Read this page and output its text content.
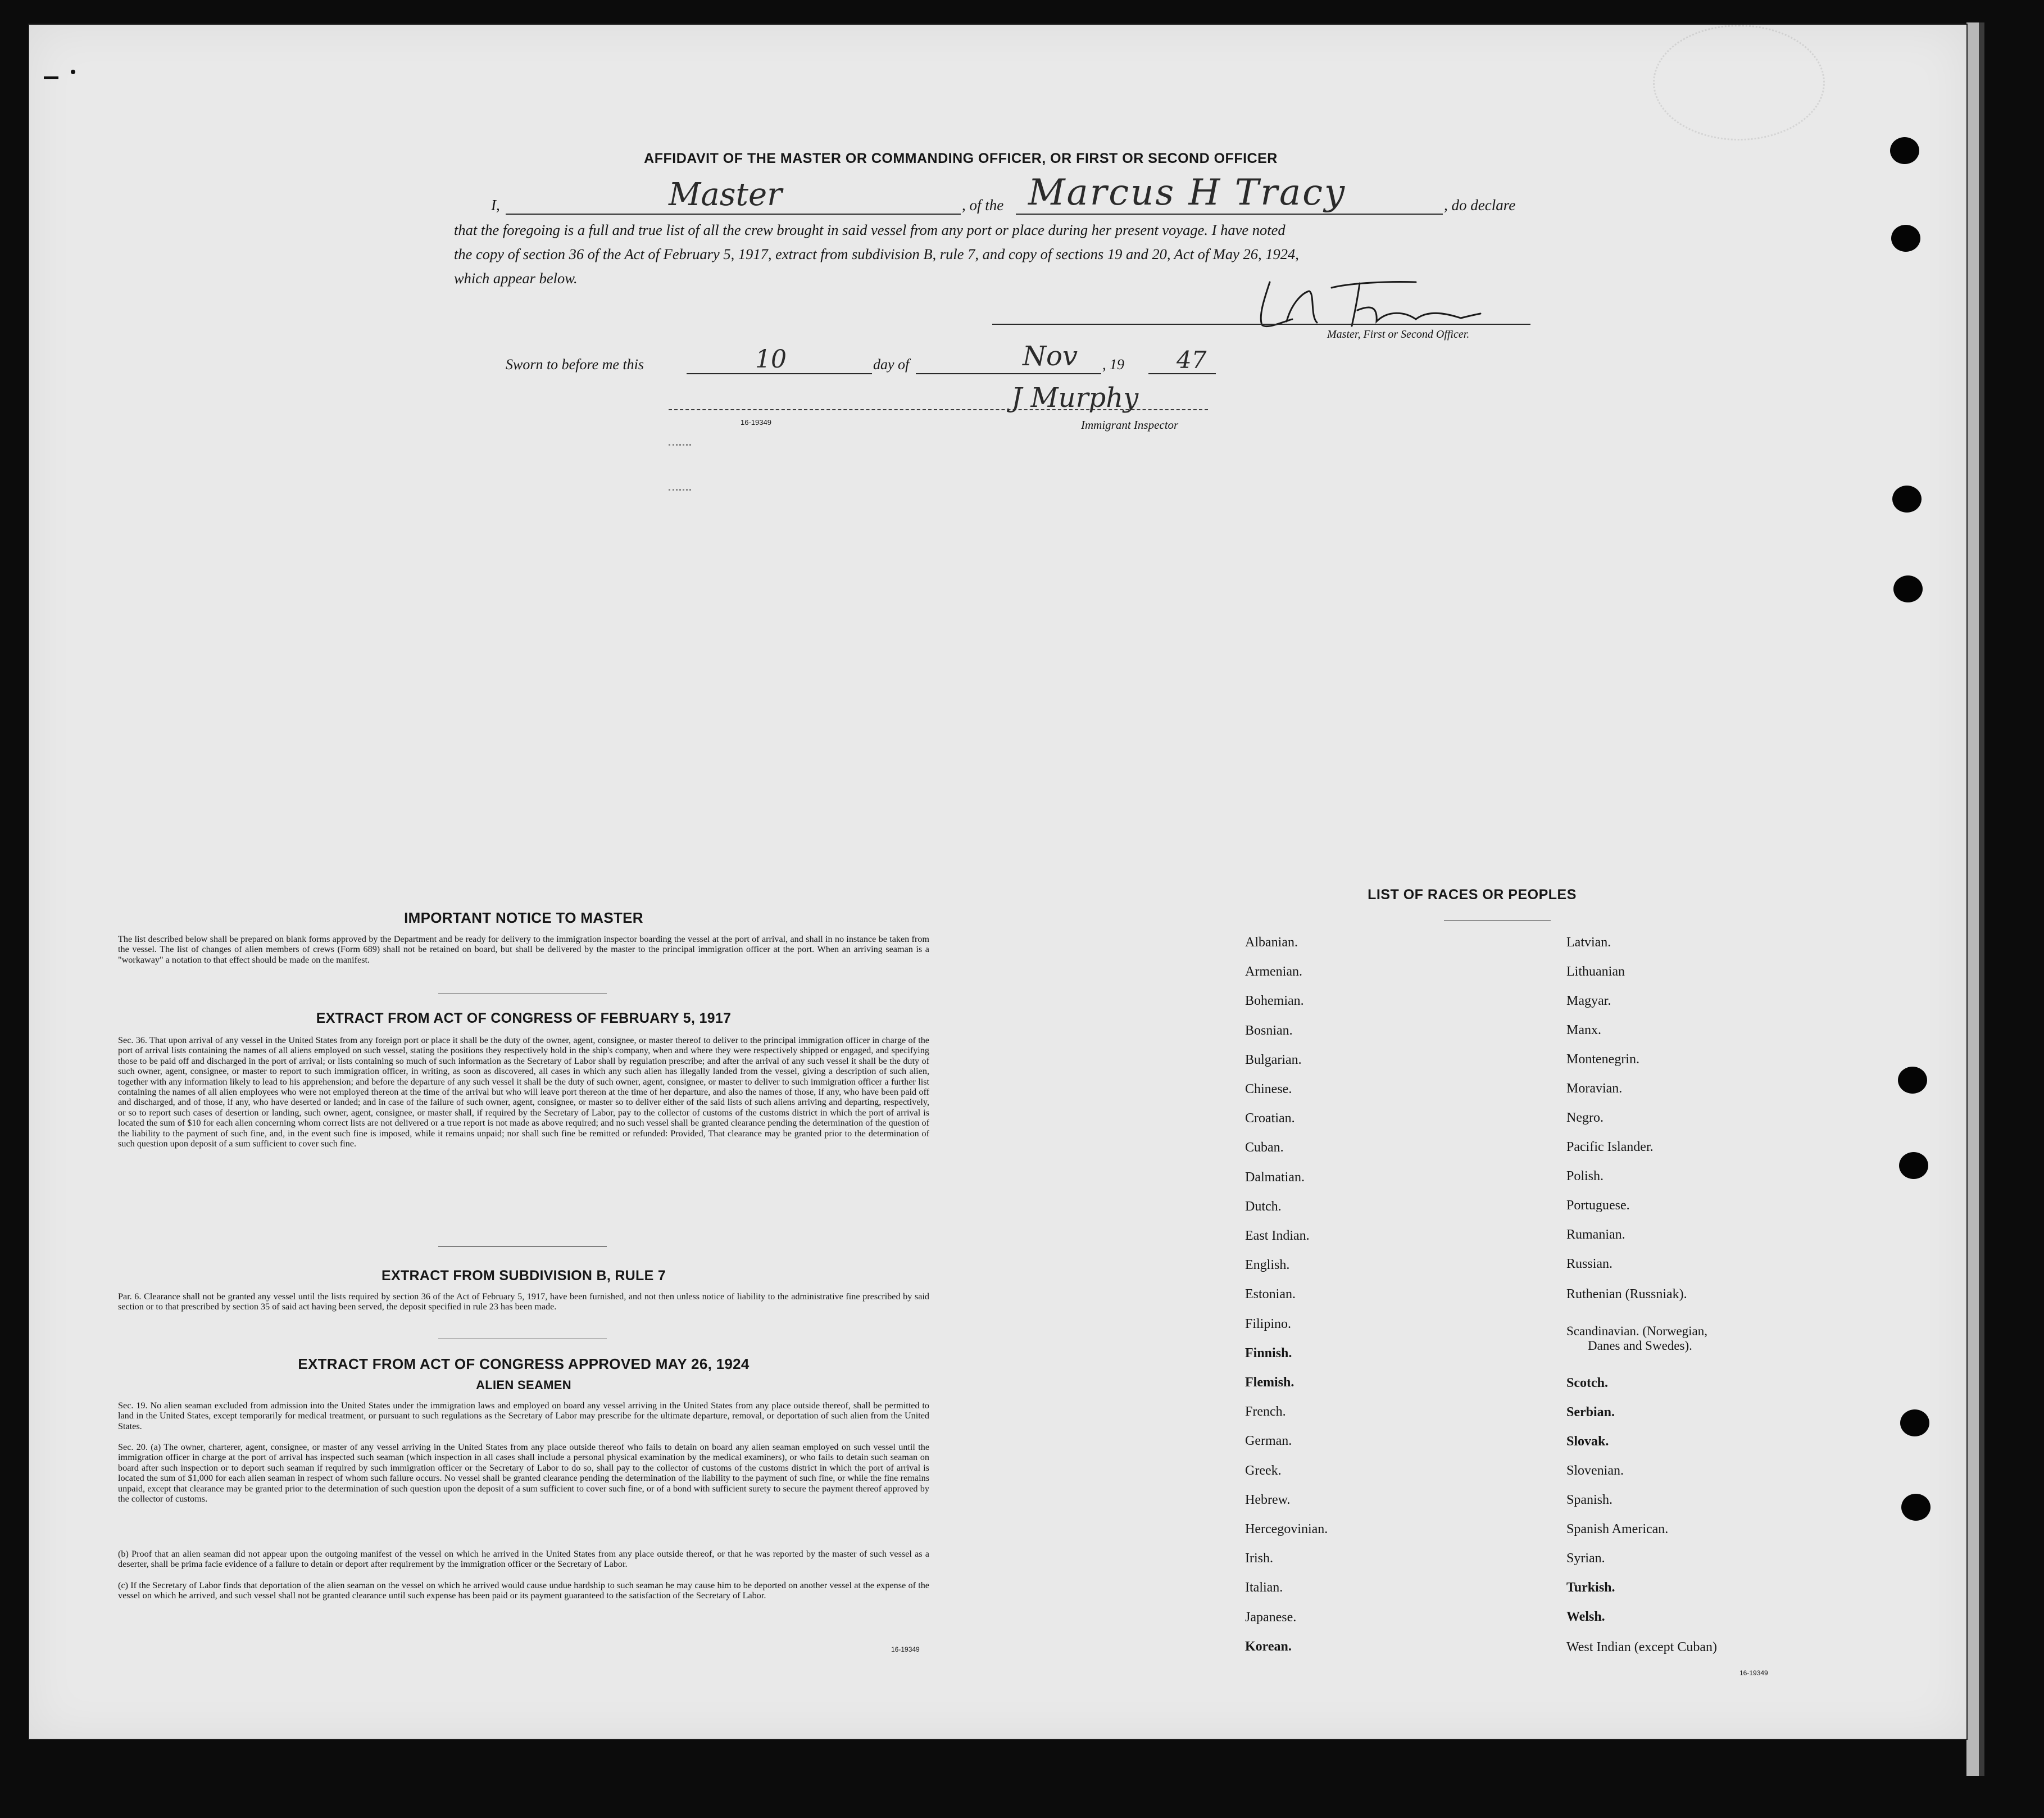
AFFIDAVIT OF THE MASTER OR COMMANDING OFFICER, OR FIRST OR SECOND OFFICER
I,	Master	, of the Marcus H Tracy	, do declare
that the foregoing is a full and true list of all the crew brought in said vessel from any port or place during her present voyage. I have noted
the copy of section 36 of the Act of February 5, 1917, extract from subdivision B, rule 7, and copy of sections 19 and 20, Act of May 26, 1924,
which appear below.
Master, First or Second Officer.
Sworn to before me this	10	day of	Nov , 19 47
J Murphy
16-19349	Immigrant Inspector
IMPORTANT NOTICE TO MASTER
The list described below shall be prepared on blank forms approved by the Department and be ready for delivery to the immigration inspector boarding the vessel at the port of arrival, and shall in no instance be taken from the vessel. The list of changes of alien members of crews (Form 689) shall not be retained on board, but shall be delivered by the master to the principal immigration officer at the port. When an arriving seaman is a "workaway" a notation to that effect should be made on the manifest.
EXTRACT FROM ACT OF CONGRESS OF FEBRUARY 5, 1917
Sec. 36. That upon arrival of any vessel in the United States from any foreign port or place it shall be the duty of the owner, agent, consignee, or master thereof to deliver to the principal immigration officer in charge of the port of arrival lists containing the names of all aliens employed on such vessel, stating the positions they respectively hold in the ship's company, when and where they were respectively shipped or engaged, and specifying those to be paid off and discharged in the port of arrival; or lists containing so much of such information as the Secretary of Labor shall by regulation prescribe; and after the arrival of any such vessel it shall be the duty of such owner, agent, consignee, or master to report to such immigration officer, in writing, as soon as discovered, all cases in which any such alien has illegally landed from the vessel, giving a description of such alien, together with any information likely to lead to his apprehension; and before the departure of any such vessel it shall be the duty of such owner, agent, consignee, or master to deliver to such immigration officer a further list containing the names of all alien employees who were not employed thereon at the time of the arrival but who will leave port thereon at the time of her departure, and also the names of those, if any, who have been paid off and discharged, and of those, if any, who have deserted or landed; and in case of the failure of such owner, agent, consignee, or master so to deliver either of the said lists of such aliens arriving and departing, respectively, or so to report such cases of desertion or landing, such owner, agent, consignee, or master shall, if required by the Secretary of Labor, pay to the collector of customs of the customs district in which the port of arrival is located the sum of $10 for each alien concerning whom correct lists are not delivered or a true report is not made as above required; and no such vessel shall be granted clearance pending the determination of the question of the liability to the payment of such fine, and, in the event such fine is imposed, while it remains unpaid; nor shall such fine be remitted or refunded: Provided, That clearance may be granted prior to the determination of such question upon deposit of a sum sufficient to cover such fine.
EXTRACT FROM SUBDIVISION B, RULE 7
Par. 6. Clearance shall not be granted any vessel until the lists required by section 36 of the Act of February 5, 1917, have been furnished, and not then unless notice of liability to the administrative fine prescribed by said section or to that prescribed by section 35 of said act having been served, the deposit specified in rule 23 has been made.
EXTRACT FROM ACT OF CONGRESS APPROVED MAY 26, 1924
ALIEN SEAMEN
Sec. 19. No alien seaman excluded from admission into the United States under the immigration laws and employed on board any vessel arriving in the United States from any place outside thereof, shall be permitted to land in the United States, except temporarily for medical treatment, or pursuant to such regulations as the Secretary of Labor may prescribe for the ultimate departure, removal, or deportation of such alien from the United States.
Sec. 20. (a) The owner, charterer, agent, consignee, or master of any vessel arriving in the United States from any place outside thereof who fails to detain on board any alien seaman employed on such vessel until the immigration officer in charge at the port of arrival has inspected such seaman (which inspection in all cases shall include a personal physical examination by the medical examiners), or who fails to detain such seaman on board after such inspection or to deport such seaman if required by such immigration officer or the Secretary of Labor to do so, shall pay to the collector of customs of the customs district in which the port of arrival is located the sum of $1,000 for each alien seaman in respect of whom such failure occurs. No vessel shall be granted clearance pending the determination of the liability to the payment of such fine, or while the fine remains unpaid, except that clearance may be granted prior to the determination of such question upon the deposit of a sum sufficient to cover such fine, or of a bond with sufficient surety to secure the payment thereof approved by the collector of customs.
(b) Proof that an alien seaman did not appear upon the outgoing manifest of the vessel on which he arrived in the United States from any place outside thereof, or that he was reported by the master of such vessel as a deserter, shall be prima facie evidence of a failure to detain or deport after requirement by the immigration officer or the Secretary of Labor.
(c) If the Secretary of Labor finds that deportation of the alien seaman on the vessel on which he arrived would cause undue hardship to such seaman he may cause him to be deported on another vessel at the expense of the vessel on which he arrived, and such vessel shall not be granted clearance until such expense has been paid or its payment guaranteed to the satisfaction of the Secretary of Labor.
16-19349
LIST OF RACES OR PEOPLES
Albanian.
Armenian.
Bohemian.
Bosnian.
Bulgarian.
Chinese.
Croatian.
Cuban.
Dalmatian.
Dutch.
East Indian.
English.
Estonian.
Filipino.
Finnish.
Flemish.
French.
German.
Greek.
Hebrew.
Hercegovinian.
Irish.
Italian.
Japanese.
Korean.
Latvian.
Lithuanian
Magyar.
Manx.
Montenegrin.
Moravian.
Negro.
Pacific Islander.
Polish.
Portuguese.
Rumanian.
Russian.
Ruthenian (Russniak).
Scandinavian. (Norwegian,
Danes and Swedes).
Scotch.
Serbian.
Slovak.
Slovenian.
Spanish.
Spanish American.
Syrian.
Turkish.
Welsh.
West Indian (except Cuban)
16-19349
